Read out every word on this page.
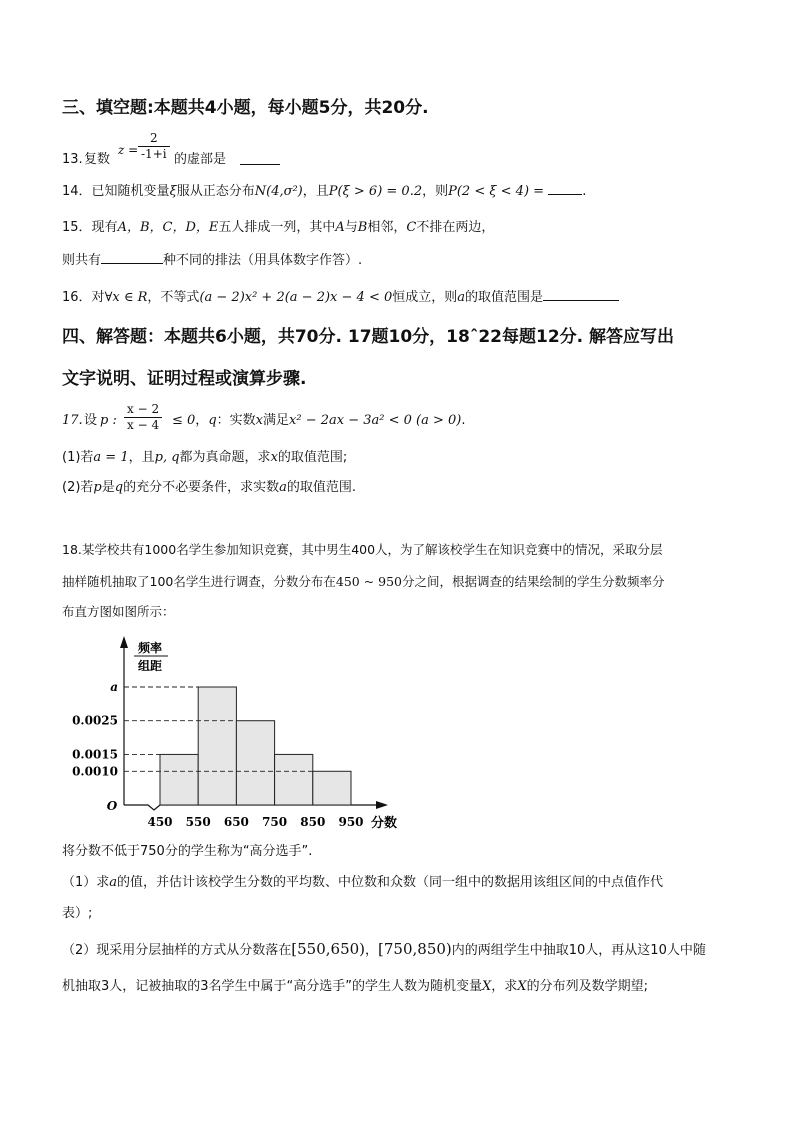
三、填空题:本题共4小题，每小题5分，共20分.
13. 复数
$z = \frac{2}{-1+i}$ 的虚部是
14．已知随机变量ξ服从正态分布N(4,σ²)，且P(ξ > 6) = 0.2，则P(2 < ξ < 4) =	.
15．现有A，B，C，D，E五人排成一列，其中A与B相邻，C不排在两边，
则共有	种不同的排法（用具体数字作答）.
16．对∀x ∈ R，不等式(a − 2)x² + 2(a − 2)x − 4 < 0恒成立，则a的取值范围是
四、解答题：本题共6小题，共70分. 17题10分，18ˆ22每题12分. 解答应写出
文字说明、证明过程或演算步骤.
17. 设 p : $\frac{x - 2}{x - 4} \le 0$，q：实数x满足x² − 2ax − 3a² < 0 (a > 0).
(1)若a = 1，且p, q都为真命题，求x的取值范围;
(2)若p是q的充分不必要条件，求实数a的取值范围.
18.某学校共有1000名学生参加知识竞赛，其中男生400人，为了解该校学生在知识竞赛中的情况，采取分层
抽样随机抽取了100名学生进行调查，分数分布在450 ~ 950分之间，根据调查的结果绘制的学生分数频率分
布直方图如图所示：
频率
组距
a
0.0025
0.0015
0.0010
O
450 550 650 750 850 950 分数
将分数不低于750分的学生称为“高分选手”.
（1）求a的值，并估计该校学生分数的平均数、中位数和众数（同一组中的数据用该组区间的中点值作代
表）;
（2）现采用分层抽样的方式从分数落在[550,650)，[750,850)内的两组学生中抽取10人，再从这10人中随
机抽取3人，记被抽取的3名学生中属于“高分选手”的学生人数为随机变量X，求X的分布列及数学期望;
